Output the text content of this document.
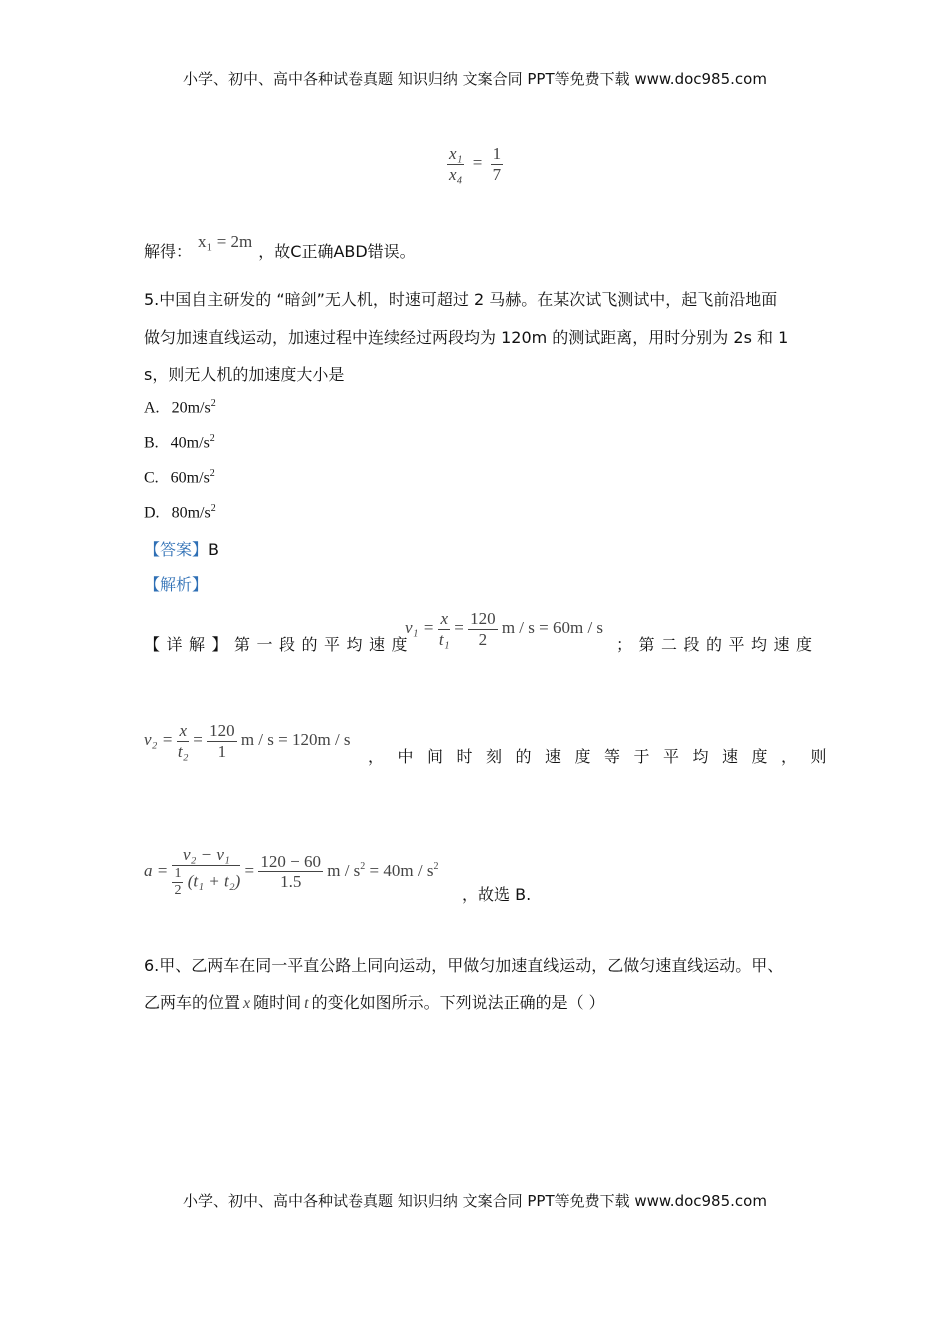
小学、初中、高中各种试卷真题 知识归纳 文案合同 PPT等免费下载 www.doc985.com
$\frac{\text{x₁}}{\text{x₄}} = \frac{1}{7}$
解得：x₁ = 2m，故C正确ABD错误。
5.中国自主研发的 “暗剑”无人机，时速可超过 2 马赫。在某次试飞测试中，起飞前沿地面
做匀加速直线运动，加速过程中连续经过两段均为 120m 的测试距离，用时分别为 2s 和 1
s，则无人机的加速度大小是
A. $20m/s^2$
B. $40m/s^2$
C. $60m/s^2$
D. $80m/s^2$
【答案】B
【解析】
【详解】第一段的平均速度
$v_1 = \frac{x}{\text{t₁}} = \frac{120}{2}$ m / s = 60m / s
；第二段的平均速度
$v_2 = \frac{x}{\text{t₂}} = \frac{120}{1}$ m / s = 120m / s
，中间时刻的速度等于平均速度，则
$a = \frac{\text{v₂ − v₁}}{\frac{1}{2} (t_1 + t_2)} = \frac{120 - 60}{1.5}$ $m / s^2 = 40m / s^2$
，故选 B.
6.甲、乙两车在同一平直公路上同向运动，甲做匀加速直线运动，乙做匀速直线运动。甲、
乙两车的位置 x 随时间 t 的变化如图所示。下列说法正确的是（ ）
小学、初中、高中各种试卷真题 知识归纳 文案合同 PPT等免费下载 www.doc985.com
